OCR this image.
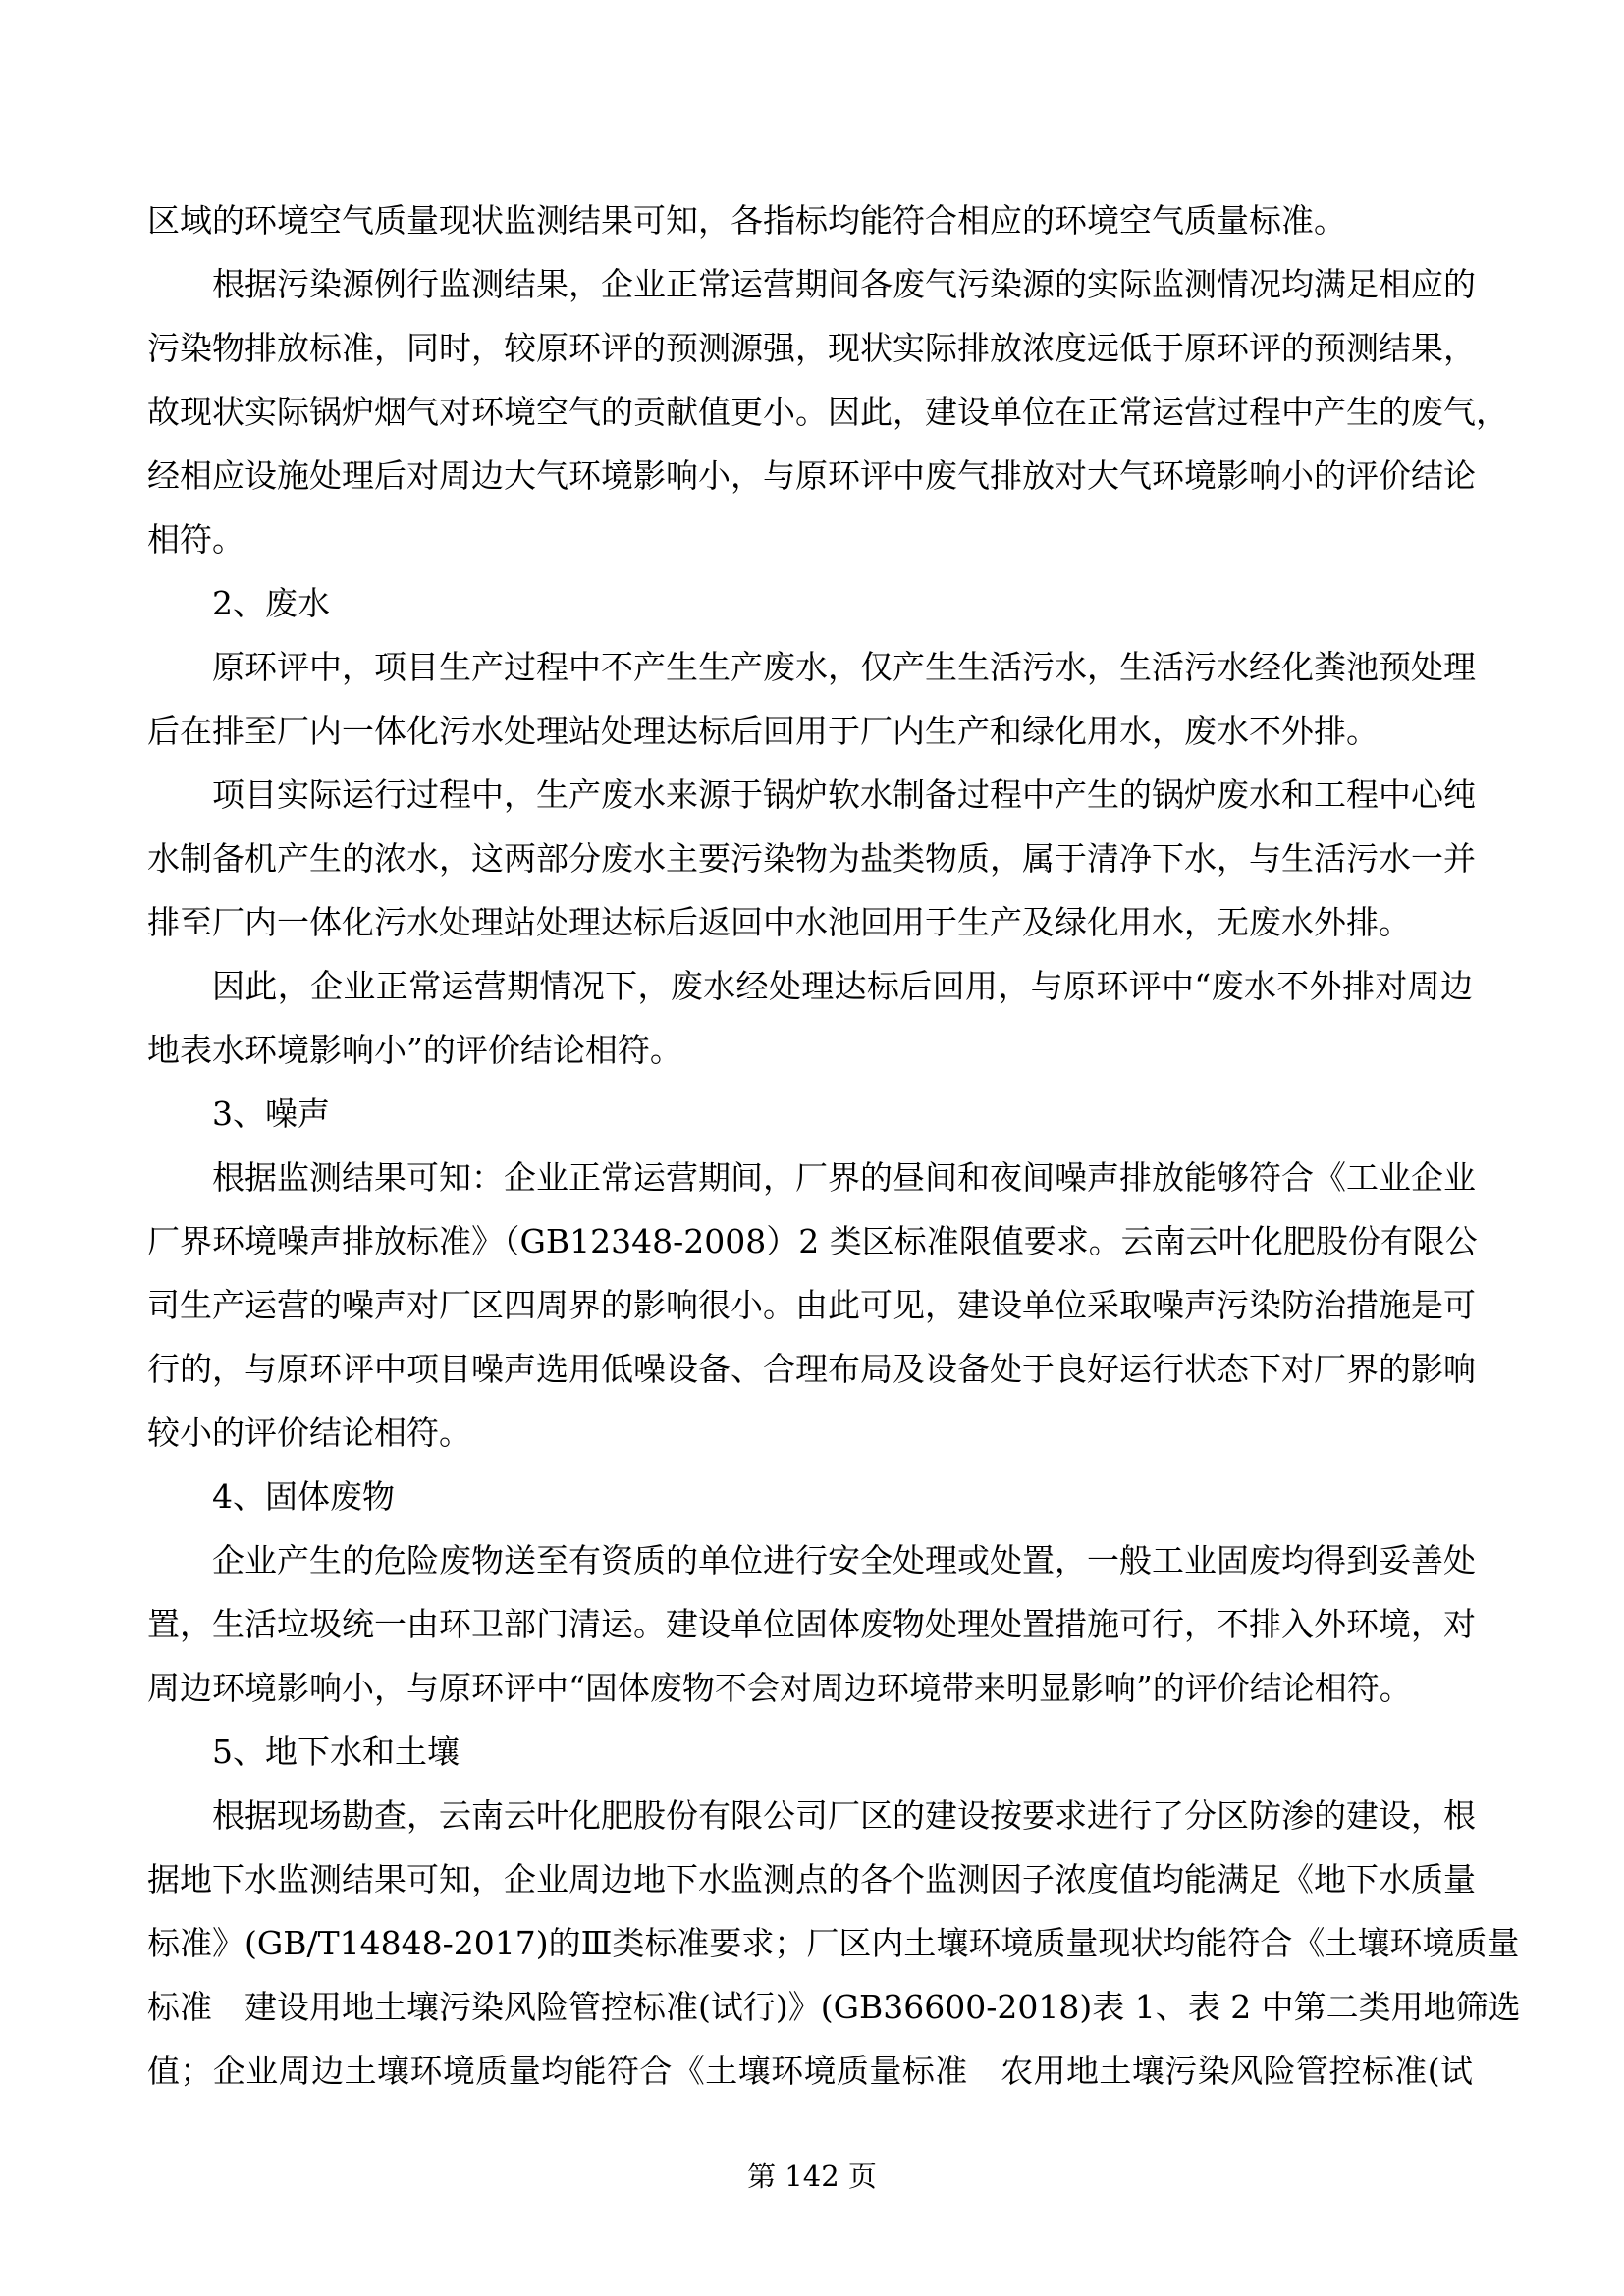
区域的环境空气质量现状监测结果可知，各指标均能符合相应的环境空气质量标准。
根据污染源例行监测结果，企业正常运营期间各废气污染源的实际监测情况均满足相应的
污染物排放标准，同时，较原环评的预测源强，现状实际排放浓度远低于原环评的预测结果，
故现状实际锅炉烟气对环境空气的贡献值更小。因此，建设单位在正常运营过程中产生的废气，
经相应设施处理后对周边大气环境影响小，与原环评中废气排放对大气环境影响小的评价结论
相符。
2、废水
原环评中，项目生产过程中不产生生产废水，仅产生生活污水，生活污水经化粪池预处理
后在排至厂内一体化污水处理站处理达标后回用于厂内生产和绿化用水，废水不外排。
项目实际运行过程中，生产废水来源于锅炉软水制备过程中产生的锅炉废水和工程中心纯
水制备机产生的浓水，这两部分废水主要污染物为盐类物质，属于清净下水，与生活污水一并
排至厂内一体化污水处理站处理达标后返回中水池回用于生产及绿化用水，无废水外排。
因此，企业正常运营期情况下，废水经处理达标后回用，与原环评中“废水不外排对周边
地表水环境影响小”的评价结论相符。
3、噪声
根据监测结果可知：企业正常运营期间，厂界的昼间和夜间噪声排放能够符合《工业企业
厂界环境噪声排放标准》（GB12348-2008）2 类区标准限值要求。云南云叶化肥股份有限公
司生产运营的噪声对厂区四周界的影响很小。由此可见，建设单位采取噪声污染防治措施是可
行的，与原环评中项目噪声选用低噪设备、合理布局及设备处于良好运行状态下对厂界的影响
较小的评价结论相符。
4、固体废物
企业产生的危险废物送至有资质的单位进行安全处理或处置，一般工业固废均得到妥善处
置，生活垃圾统一由环卫部门清运。建设单位固体废物处理处置措施可行，不排入外环境，对
周边环境影响小，与原环评中“固体废物不会对周边环境带来明显影响”的评价结论相符。
5、地下水和土壤
根据现场勘查，云南云叶化肥股份有限公司厂区的建设按要求进行了分区防渗的建设，根
据地下水监测结果可知，企业周边地下水监测点的各个监测因子浓度值均能满足《地下水质量
标准》(GB/T14848-2017)的Ⅲ类标准要求；厂区内土壤环境质量现状均能符合《土壤环境质量
标准　建设用地土壤污染风险管控标准(试行)》(GB36600-2018)表 1、表 2 中第二类用地筛选
值；企业周边土壤环境质量均能符合《土壤环境质量标准　农用地土壤污染风险管控标准(试
第 142 页
